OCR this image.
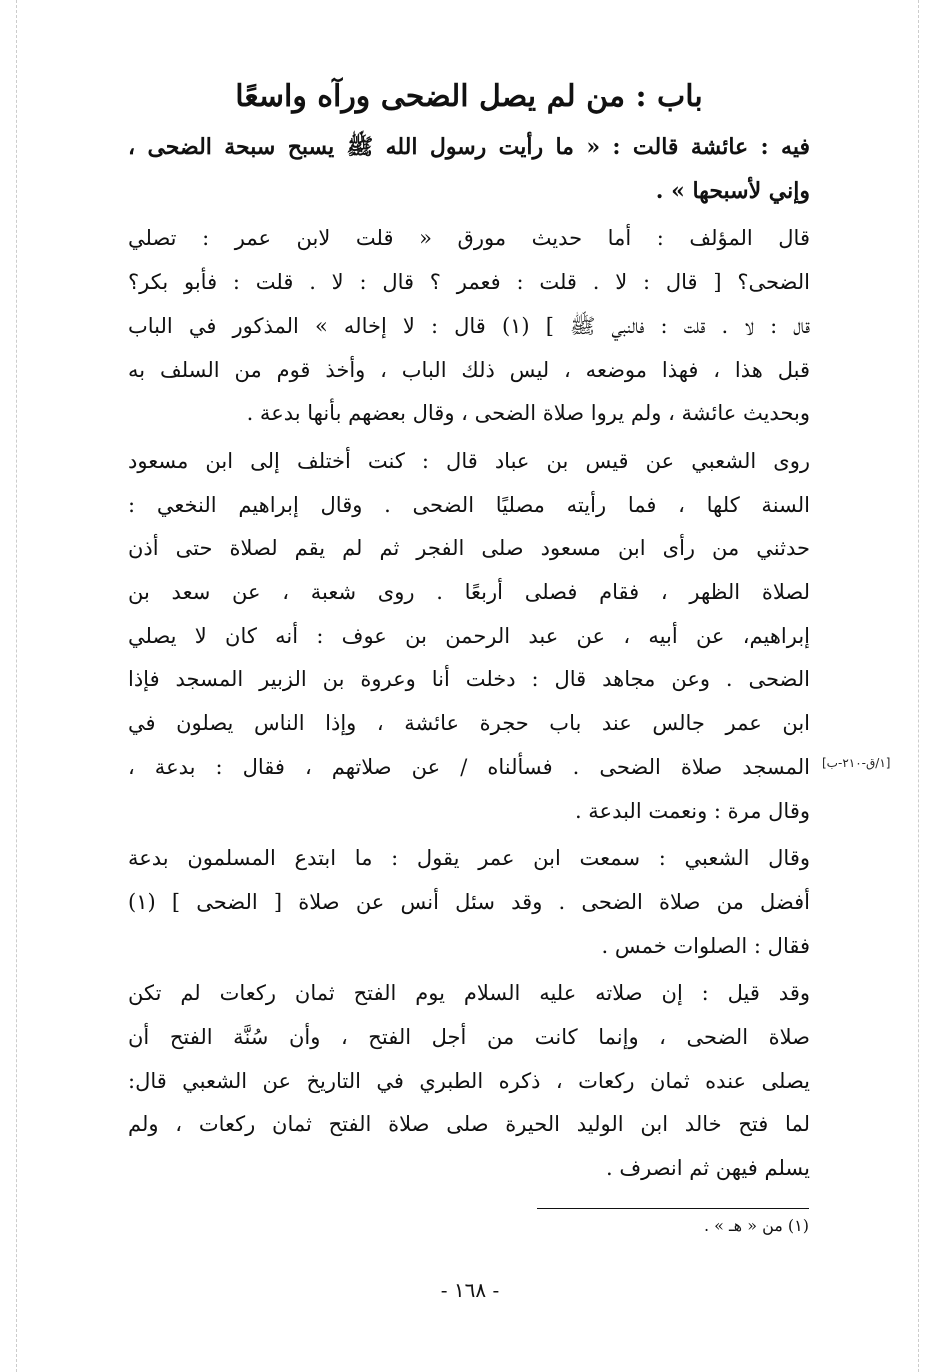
باب : من لم يصل الضحى ورآه واسعًا
فيه : عائشة قالت : « ما رأيت رسول الله ﷺ يسبح سبحة الضحى ،
وإني لأسبحها » .
قال المؤلف : أما حديث مورق « قلت لابن عمر : تصلي
الضحى؟ [ قال : لا . قلت : فعمر ؟ قال : لا . قلت : فأبو بكر؟
قال : لا . قلت : فالنبي ﷺ ] (١) قال : لا إخاله » المذكور في الباب
قبل هذا ، فهذا موضعه ، ليس ذلك الباب ، وأخذ قوم من السلف به
وبحديث عائشة ، ولم يروا صلاة الضحى ، وقال بعضهم بأنها بدعة .
روى الشعبي عن قيس بن عباد قال : كنت أختلف إلى ابن مسعود
السنة كلها ، فما رأيته مصليًا الضحى . وقال إبراهيم النخعي :
حدثني من رأى ابن مسعود صلى الفجر ثم لم يقم لصلاة حتى أذن
لصلاة الظهر ، فقام فصلى أربعًا . روى شعبة ، عن سعد بن
إبراهيم، عن أبيه ، عن عبد الرحمن بن عوف : أنه كان لا يصلي
الضحى . وعن مجاهد قال : دخلت أنا وعروة بن الزبير المسجد فإذا
ابن عمر جالس عند باب حجرة عائشة ، وإذا الناس يصلون في
المسجد صلاة الضحى . فسألناه / عن صلاتهم ، فقال : بدعة ،
وقال مرة : ونعمت البدعة .
وقال الشعبي : سمعت ابن عمر يقول : ما ابتدع المسلمون بدعة
أفضل من صلاة الضحى . وقد سئل أنس عن صلاة [ الضحى ] (١)
فقال : الصلوات خمس .
وقد قيل : إن صلاته عليه السلام يوم الفتح ثمان ركعات لم تكن
صلاة الضحى ، وإنما كانت من أجل الفتح ، وأن سُنَّة الفتح أن
يصلى عنده ثمان ركعات ، ذكره الطبري في التاريخ عن الشعبي قال:
لما فتح خالد ابن الوليد الحيرة صلى صلاة الفتح ثمان ركعات ، ولم
يسلم فيهن ثم انصرف .
[١/ق-٢١٠-ب]
(١) من « هـ » .
- ١٦٨ -
